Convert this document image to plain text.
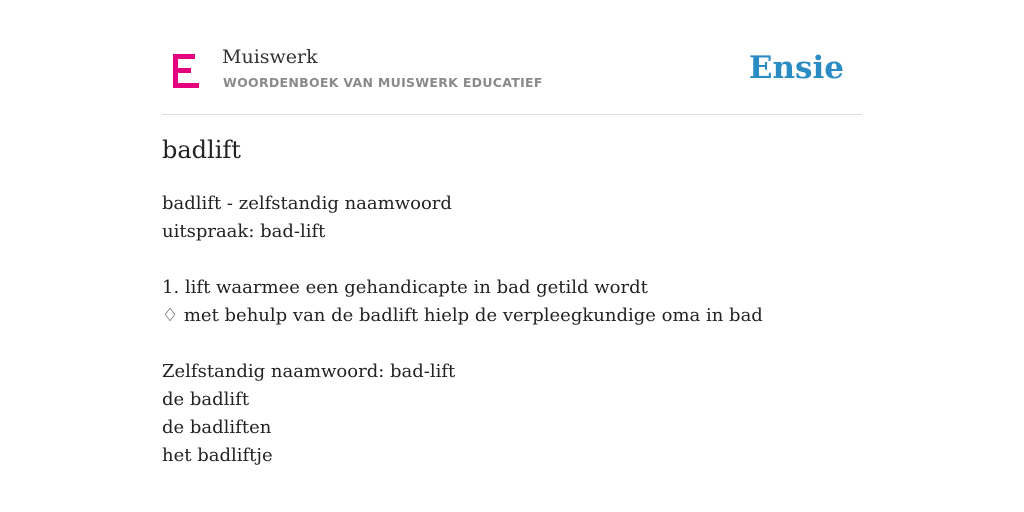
Muiswerk
WOORDENBOEK VAN MUISWERK EDUCATIEF	Ensie
badlift
badlift - zelfstandig naamwoord
uitspraak: bad-lift
1. lift waarmee een gehandicapte in bad getild wordt
♢ met behulp van de badlift hielp de verpleegkundige oma in bad
Zelfstandig naamwoord: bad-lift
de badlift
de badliften
het badliftje
